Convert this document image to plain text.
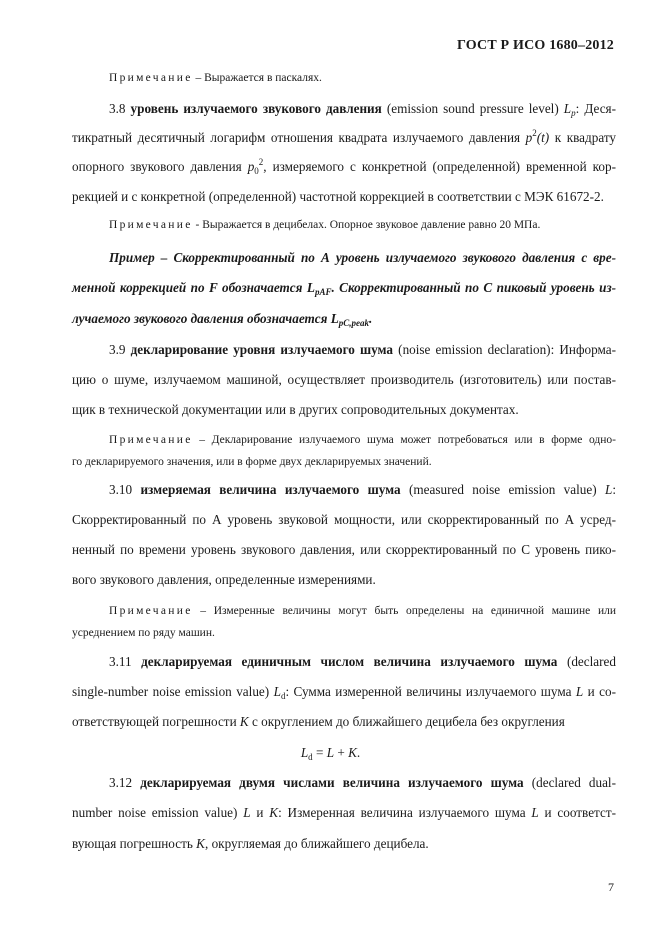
ГОСТ Р ИСО 1680–2012
Примечание – Выражается в паскалях.
3.8 уровень излучаемого звукового давления (emission sound pressure level) $L_p$: Деся-
тикратный десятичный логарифм отношения квадрата излучаемого давления $p^2(t)$ к квадрату
опорного звукового давления $p_0^2$, измеряемого с конкретной (определенной) временной кор-
рекцией и с конкретной (определенной) частотной коррекцией в соответствии с МЭК 61672-2.
Примечание - Выражается в децибелах. Опорное звуковое давление равно 20 МПа.
Пример – Скорректированный по А уровень излучаемого звукового давления с вре-
менной коррекцией по F обозначается $L_{pAF}$. Скорректированный по С пиковый уровень из-
лучаемого звукового давления обозначается $L_{pC,peak}$.
3.9 декларирование уровня излучаемого шума (noise emission declaration): Информа-
цию о шуме, излучаемом машиной, осуществляет производитель (изготовитель) или постав-
щик в технической документации или в других сопроводительных документах.
Примечание – Декларирование излучаемого шума может потребоваться или в форме одно-
го декларируемого значения, или в форме двух декларируемых значений.
3.10 измеряемая величина излучаемого шума (measured noise emission value) L:
Скорректированный по А уровень звуковой мощности, или скорректированный по А усред-
ненный по времени уровень звукового давления, или скорректированный по С уровень пико-
вого звукового давления, определенные измерениями.
Примечание – Измеренные величины могут быть определены на единичной машине или
усреднением по ряду машин.
3.11 декларируемая единичным числом величина излучаемого шума (declared
single-number noise emission value) $L_d$: Сумма измеренной величины излучаемого шума L и со-
ответствующей погрешности K с округлением до ближайшего децибела без округления
$L_d = L + K$.
3.12 декларируемая двумя числами величина излучаемого шума (declared dual-
number noise emission value) L и K: Измеренная величина излучаемого шума L и соответст-
вующая погрешность K, округляемая до ближайшего децибела.
7
